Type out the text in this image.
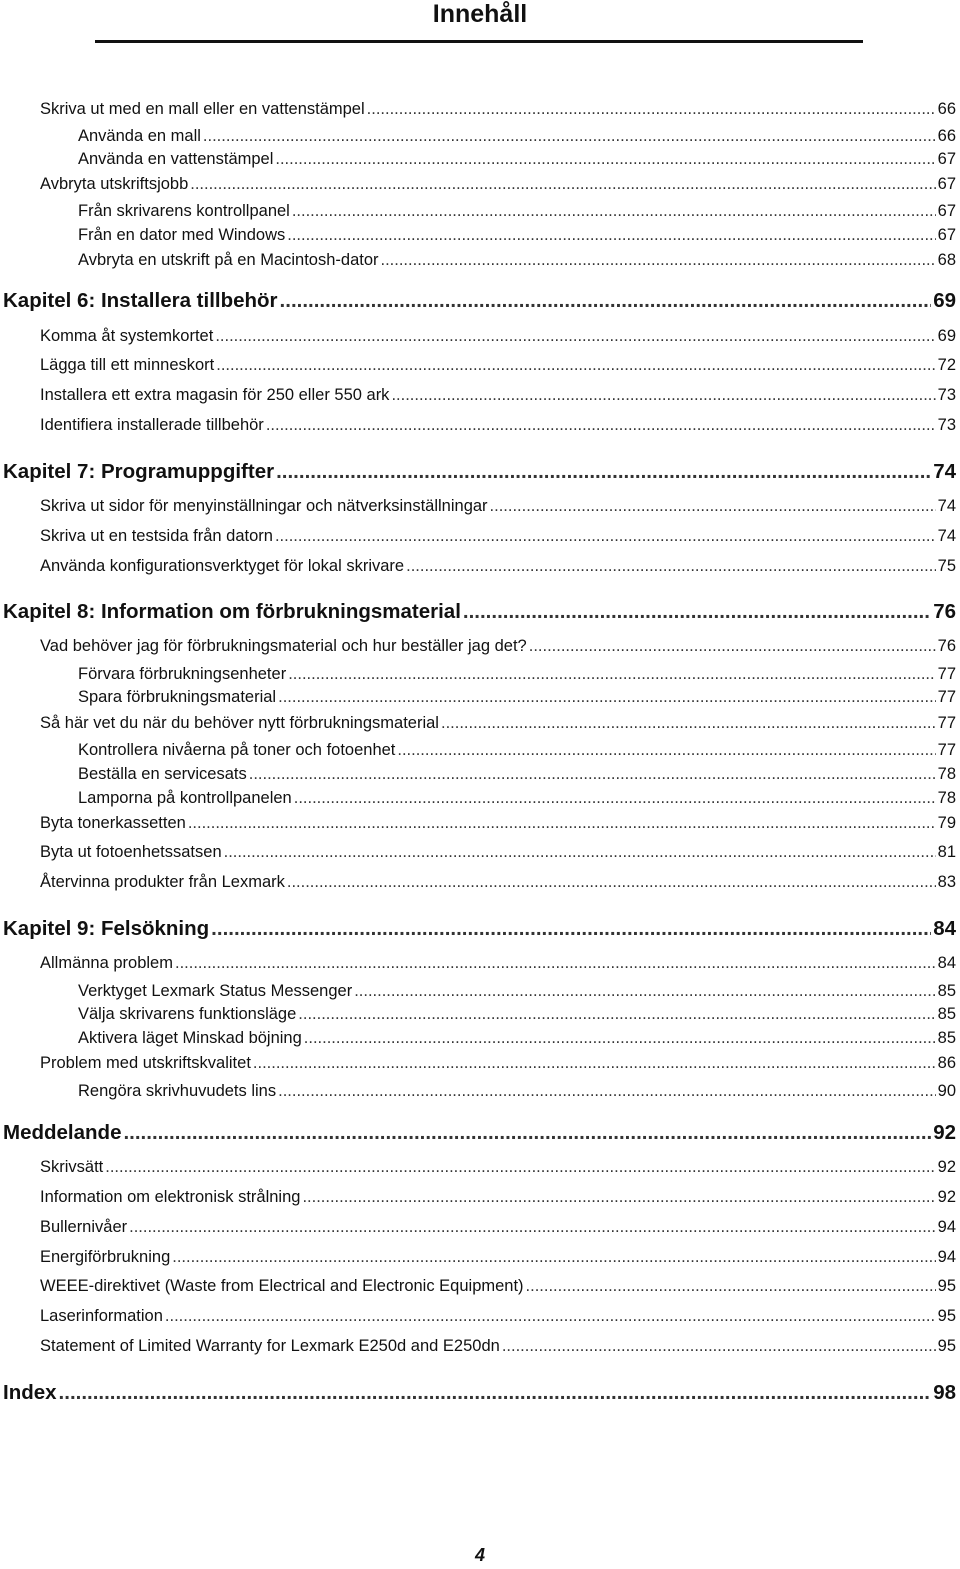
Innehåll
Skriva ut med en mall eller en vattenstämpel .....	66
Använda en mall .....	66
Använda en vattenstämpel .....	67
Avbryta utskriftsjobb .....	67
Från skrivarens kontrollpanel .....	67
Från en dator med Windows .....	67
Avbryta en utskrift på en Macintosh-dator .....	68
Kapitel 6: Installera tillbehör .....	69
Komma åt systemkortet .....	69
Lägga till ett minneskort .....	72
Installera ett extra magasin för 250 eller 550 ark .....	73
Identifiera installerade tillbehör .....	73
Kapitel 7: Programuppgifter .....	74
Skriva ut sidor för menyinställningar och nätverksinställningar .....	74
Skriva ut en testsida från datorn .....	74
Använda konfigurationsverktyget för lokal skrivare .....	75
Kapitel 8: Information om förbrukningsmaterial .....	76
Vad behöver jag för förbrukningsmaterial och hur beställer jag det? .....	76
Förvara förbrukningsenheter .....	77
Spara förbrukningsmaterial .....	77
Så här vet du när du behöver nytt förbrukningsmaterial .....	77
Kontrollera nivåerna på toner och fotoenhet .....	77
Beställa en servicesats .....	78
Lamporna på kontrollpanelen .....	78
Byta tonerkassetten .....	79
Byta ut fotoenhetssatsen .....	81
Återvinna produkter från Lexmark .....	83
Kapitel 9: Felsökning .....	84
Allmänna problem .....	84
Verktyget Lexmark Status Messenger .....	85
Välja skrivarens funktionsläge .....	85
Aktivera läget Minskad böjning .....	85
Problem med utskriftskvalitet .....	86
Rengöra skrivhuvudets lins .....	90
Meddelande .....	92
Skrivsätt .....	92
Information om elektronisk strålning .....	92
Bullernivåer .....	94
Energiförbrukning .....	94
WEEE-direktivet (Waste from Electrical and Electronic Equipment) .....	95
Laserinformation .....	95
Statement of Limited Warranty for Lexmark E250d and E250dn .....	95
Index .....	98
4
